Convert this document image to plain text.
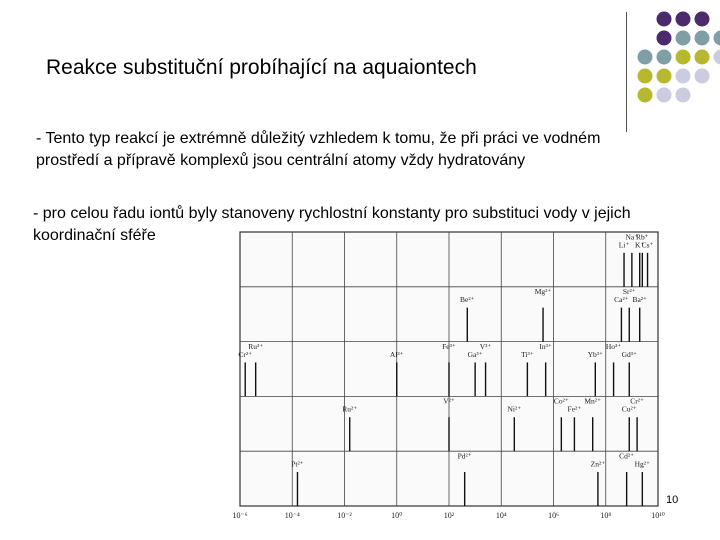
Reakce substituční probíhající na aquaiontech
- Tento typ reakcí je extrémně důležitý vzhledem k tomu, že při práci ve vodném prostředí a přípravě komplexů jsou centrální atomy vždy hydratovány
- pro celou řadu iontů byly stanoveny rychlostní konstanty pro substituci vody v jejich koordinační sféře
10⁻⁶	10⁻⁴	10⁻²	10⁰	10²	10⁴	10⁶	10⁸	10¹⁰
Li⁺
Na⁺
K⁺
Rb⁺
Cs⁺
Be²⁺
Mg²⁺
Ca²⁺
Sr²⁺
Ba²⁺
Cr²⁺
Ru³⁺
Al³⁺
Fe³⁺
Ga³⁺
V³⁺
Ti³⁺
In³⁺
Yb³⁺
Ho³⁺
Gd³⁺
Ru²⁺
V²⁺
Ni²⁺
Co²⁺
Fe²⁺
Mn²⁺
Cu²⁺
Cr²⁺
Pt²⁺
Pd²⁺
Zn²⁺
Cd²⁺
Hg²⁺
10
